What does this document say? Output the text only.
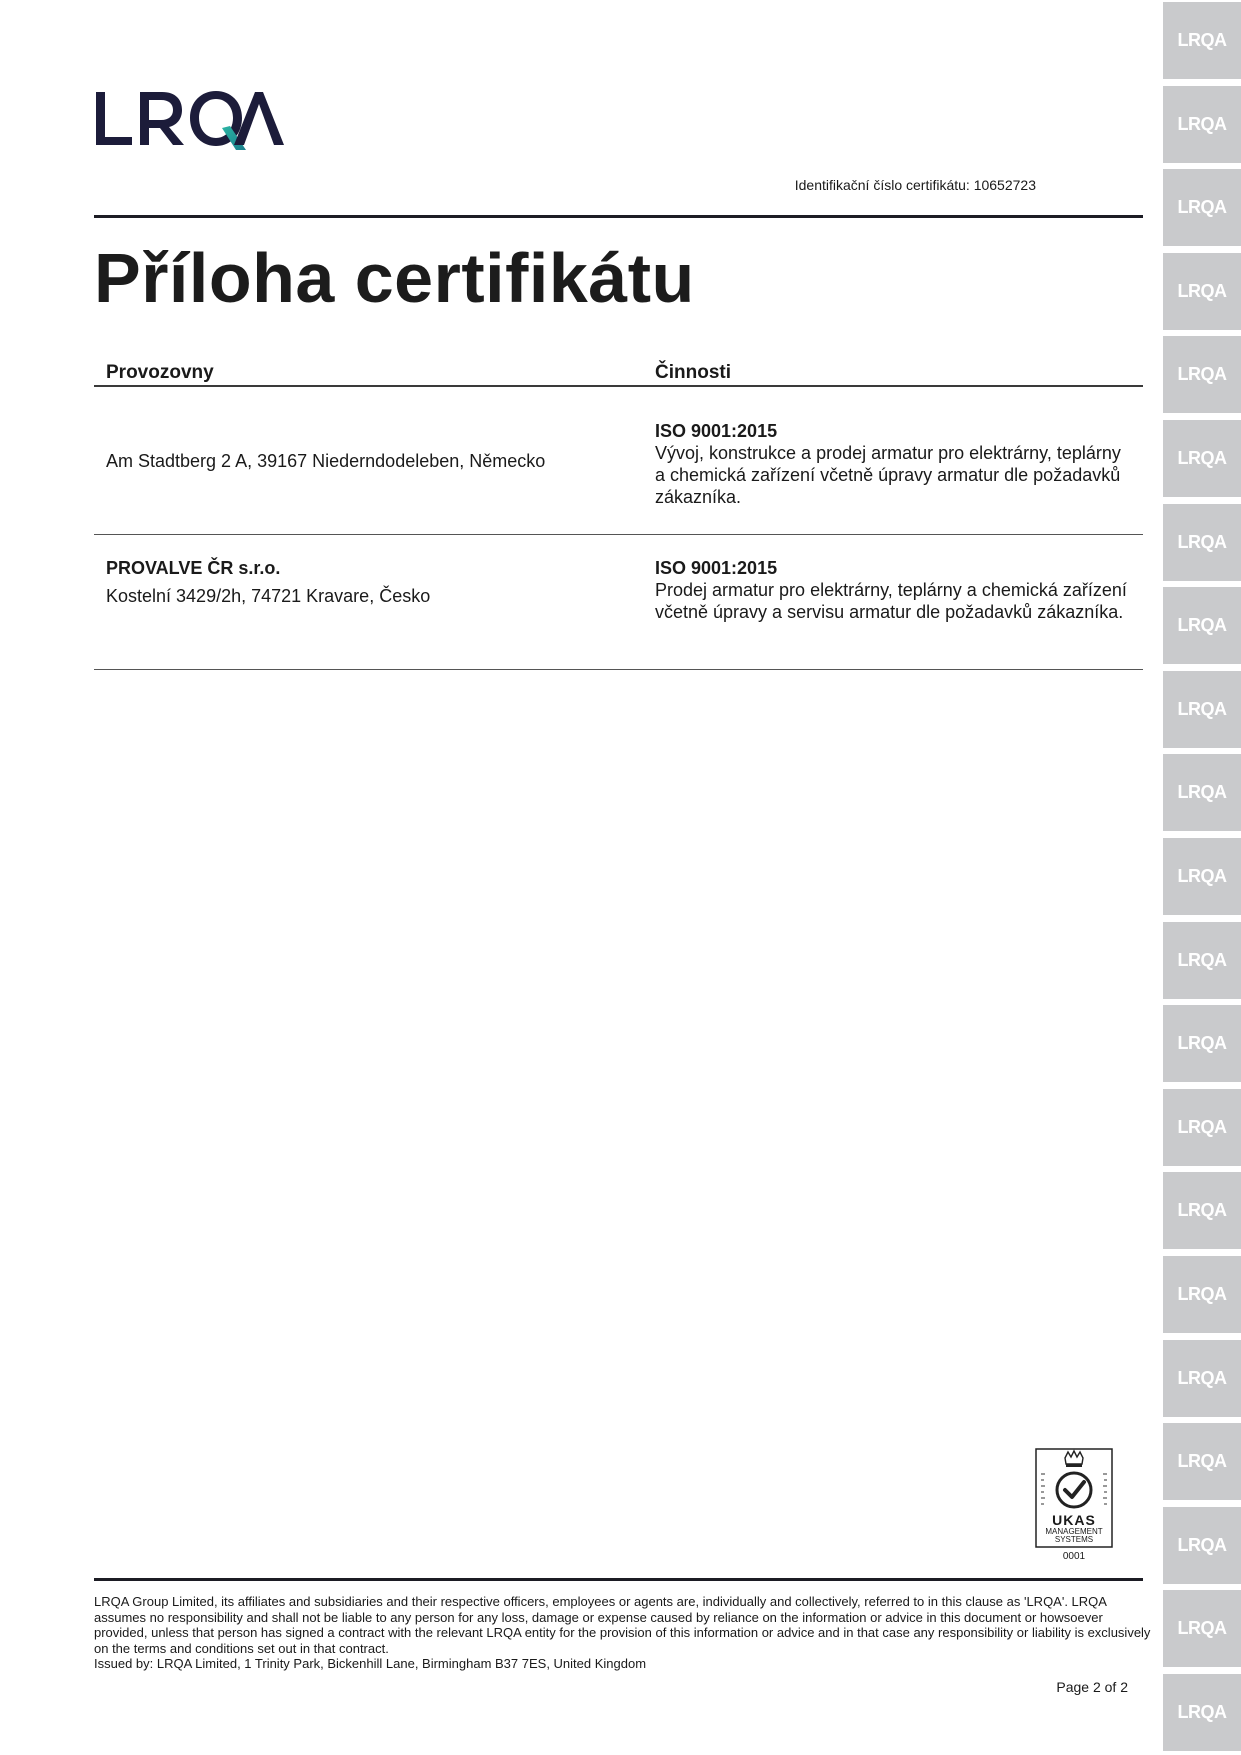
Identifikační číslo certifikátu: 10652723
Příloha certifikátu
Provozovny	Činnosti
Am Stadtberg 2 A, 39167 Niederndodeleben, Německo
ISO 9001:2015
Vývoj, konstrukce a prodej armatur pro elektrárny, teplárny a chemická zařízení včetně úpravy armatur dle požadavků zákazníka.
PROVALVE ČR s.r.o.
Kostelní 3429/2h, 74721 Kravare, Česko
ISO 9001:2015
Prodej armatur pro elektrárny, teplárny a chemická zařízení včetně úpravy a servisu armatur dle požadavků zákazníka.
UKAS
MANAGEMENT
SYSTEMS
0001

LRQA Group Limited, its affiliates and subsidiaries and their respective officers, employees or agents are, individually and collectively, referred to in this clause as 'LRQA'. LRQA assumes no responsibility and shall not be liable to any person for any loss, damage or expense caused by reliance on the information or advice in this document or howsoever provided, unless that person has signed a contract with the relevant LRQA entity for the provision of this information or advice and in that case any responsibility or liability is exclusively on the terms and conditions set out in that contract.

Issued by: LRQA Limited, 1 Trinity Park, Bickenhill Lane, Birmingham B37 7ES, United Kingdom

Page 2 of 2
LRQA
LRQA
LRQA
LRQA
LRQA
LRQA
LRQA
LRQA
LRQA
LRQA
LRQA
LRQA
LRQA
LRQA
LRQA
LRQA
LRQA
LRQA
LRQA
LRQA
LRQA
